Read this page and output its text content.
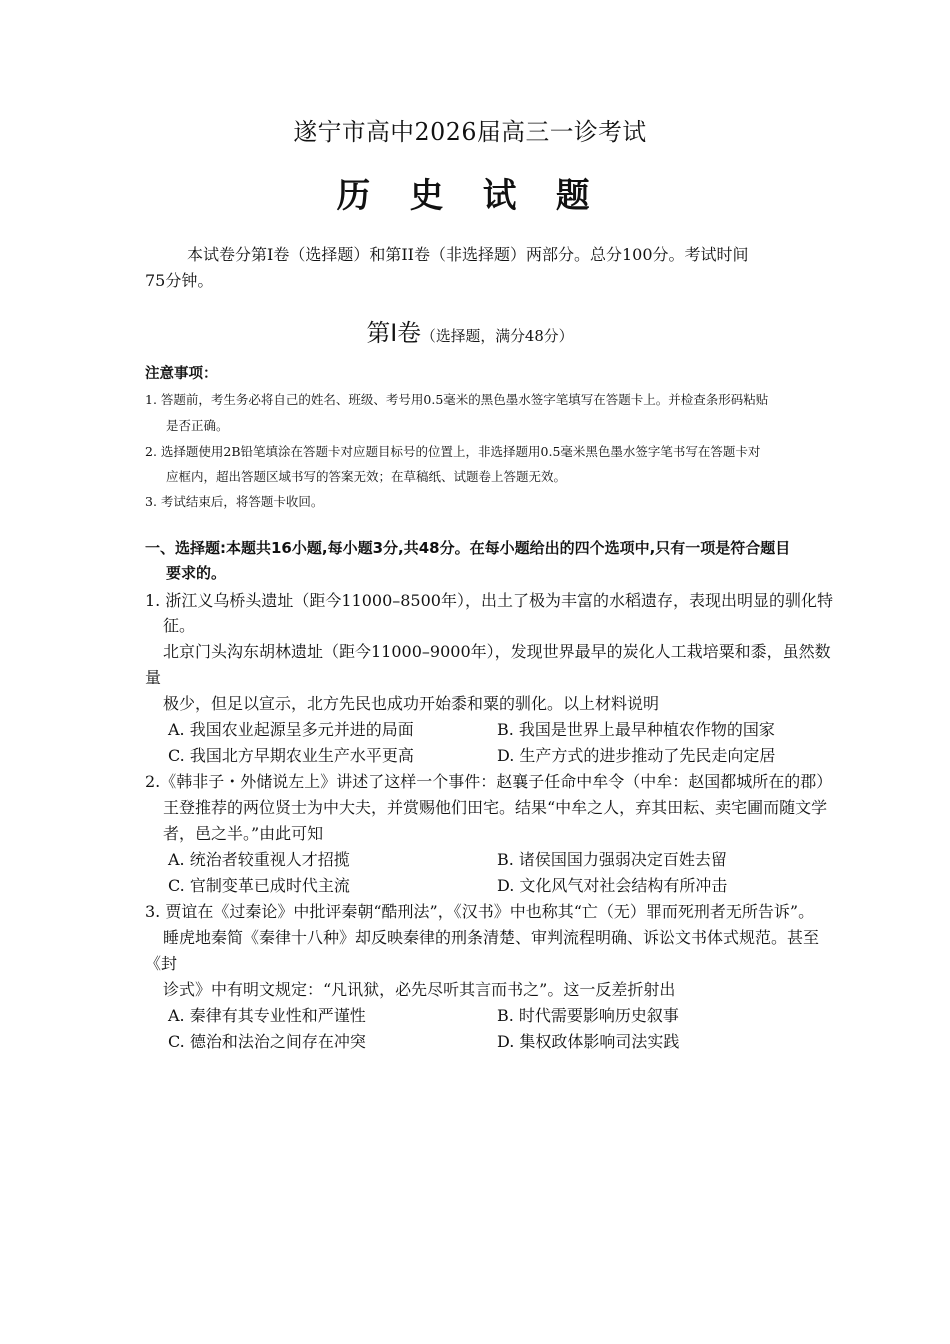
遂宁市高中2026届高三一诊考试
历 史 试 题
本试卷分第Ⅰ卷（选择题）和第II卷（非选择题）两部分。总分100分。考试时间
75分钟。
第Ⅰ卷（选择题，满分48分）
注意事项：
1. 答题前，考生务必将自己的姓名、班级、考号用0.5毫米的黑色墨水签字笔填写在答题卡上。并检查条形码粘贴
是否正确。
2. 选择题使用2B铅笔填涂在答题卡对应题目标号的位置上，非选择题用0.5毫米黑色墨水签字笔书写在答题卡对
应框内，超出答题区域书写的答案无效；在草稿纸、试题卷上答题无效。
3. 考试结束后，将答题卡收回。
一、选择题:本题共16小题,每小题3分,共48分。在每小题给出的四个选项中,只有一项是符合题目
要求的。
1. 浙江义乌桥头遗址（距今11000–8500年），出土了极为丰富的水稻遗存，表现出明显的驯化特
征。
北京门头沟东胡林遗址（距今11000–9000年），发现世界最早的炭化人工栽培粟和黍，虽然数
量
极少，但足以宣示，北方先民也成功开始黍和粟的驯化。以上材料说明
A. 我国农业起源呈多元并进的局面	B. 我国是世界上最早种植农作物的国家
C. 我国北方早期农业生产水平更高	D. 生产方式的进步推动了先民走向定居
2.《韩非子・外储说左上》讲述了这样一个事件：赵襄子任命中牟令（中牟：赵国都城所在的郡）
王登推荐的两位贤士为中大夫，并赏赐他们田宅。结果“中牟之人，弃其田耘、卖宅圃而随文学
者，邑之半。”由此可知
A. 统治者较重视人才招揽	B. 诸侯国国力强弱决定百姓去留
C. 官制变革已成时代主流	D. 文化风气对社会结构有所冲击
3. 贾谊在《过秦论》中批评秦朝“酷刑法”，《汉书》中也称其“亡（无）罪而死刑者无所告诉”。
睡虎地秦简《秦律十八种》却反映秦律的刑条清楚、审判流程明确、诉讼文书体式规范。甚至
《封
诊式》中有明文规定：“凡讯狱，必先尽听其言而书之”。这一反差折射出
A. 秦律有其专业性和严谨性	B. 时代需要影响历史叙事
C. 德治和法治之间存在冲突	D. 集权政体影响司法实践
